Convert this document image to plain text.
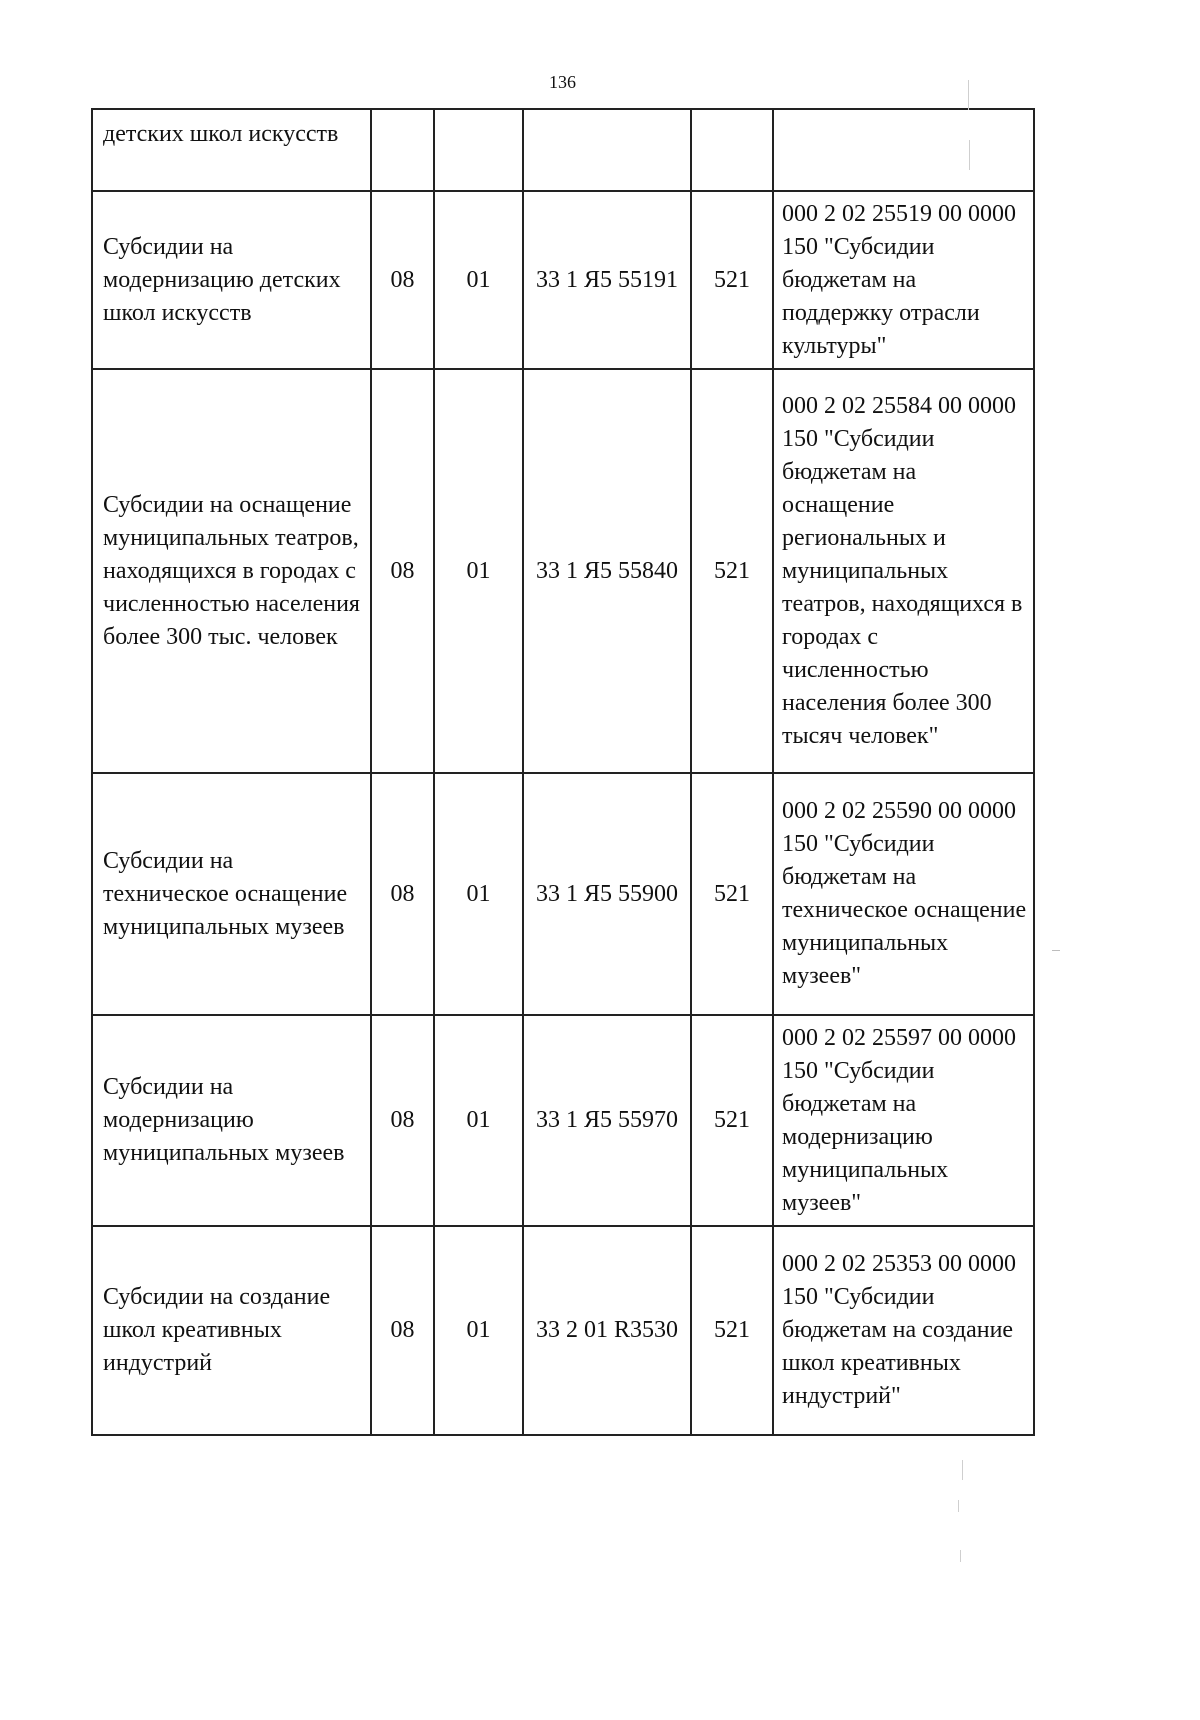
136
детских школ искусств					
Субсидии на модернизацию детских школ искусств	08	01	33 1 Я5 55191	521	000 2 02 25519 00 0000 150 "Субсидии бюджетам на поддержку отрасли культуры"
Субсидии на оснащение муниципальных театров, находящихся в городах с численностью населения более 300 тыс. человек	08	01	33 1 Я5 55840	521	000 2 02 25584 00 0000 150 "Субсидии бюджетам на оснащение региональных и муниципальных театров, находящихся в городах с численностью населения более 300 тысяч человек"
Субсидии на техническое оснащение муниципальных музеев	08	01	33 1 Я5 55900	521	000 2 02 25590 00 0000 150 "Субсидии бюджетам на техническое оснащение муниципальных музеев"
Субсидии на модернизацию муниципальных музеев	08	01	33 1 Я5 55970	521	000 2 02 25597 00 0000 150 "Субсидии бюджетам на модернизацию муниципальных музеев"
Субсидии на создание школ креативных индустрий	08	01	33 2 01 R3530	521	000 2 02 25353 00 0000 150 "Субсидии бюджетам на создание школ креативных индустрий"
